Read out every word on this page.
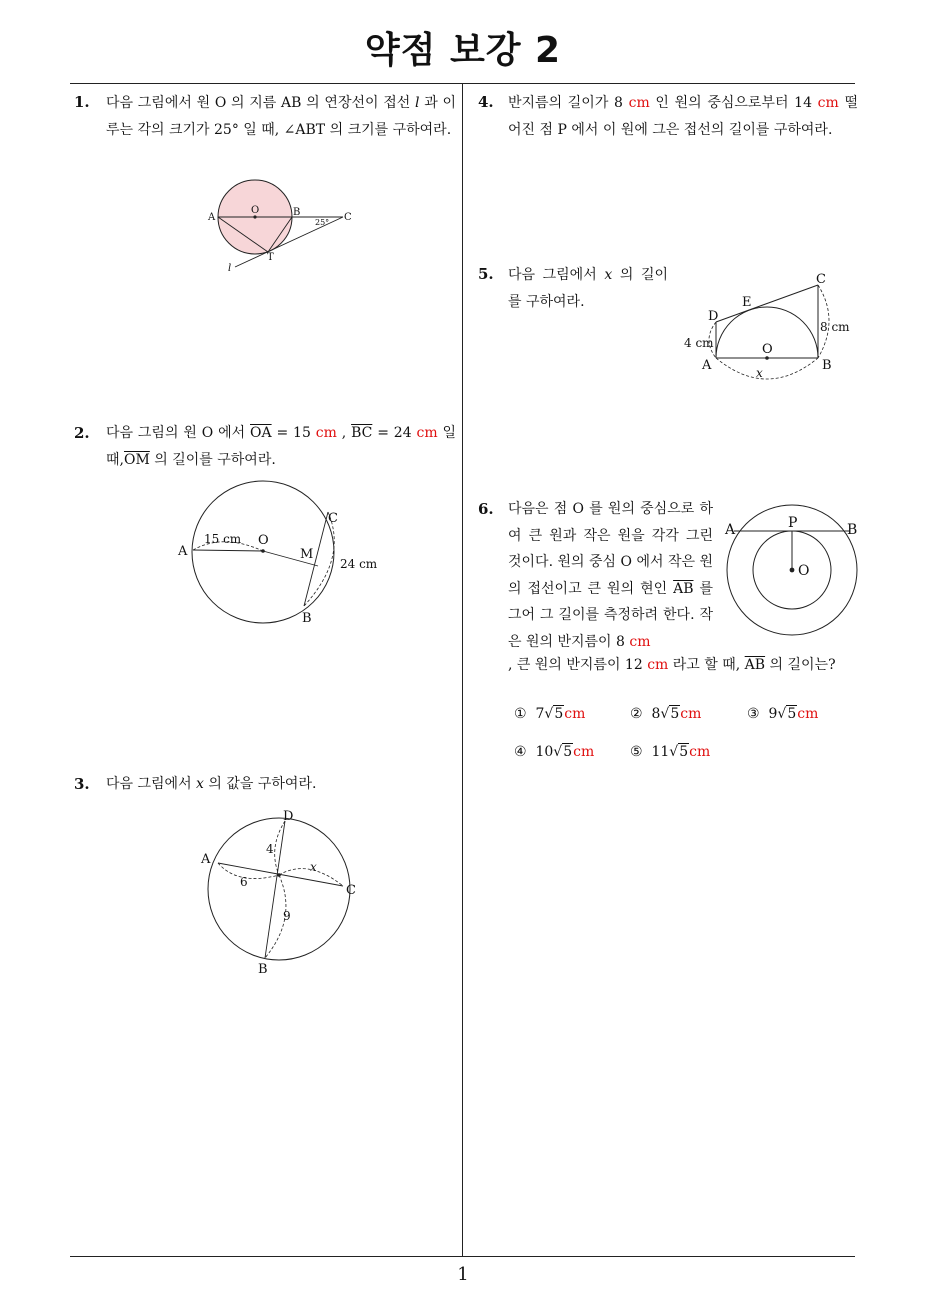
약점 보강 2
1. 다음 그림에서 원 O 의 지름 AB 의 연장선이 접선 l 과 이루는 각의 크기가 25° 일 때, ∠ABT 의 크기를 구하여라.
A
O	B	C
T
l
25°
2. 다음 그림의 원 O 에서 $\overline{OA} = 15$ cm , $\overline{BC} = 24$ cm 일 때$,\overline{OM}$ 의 길이를 구하여라.
A
O
C
M
B
15 cm
24 cm
3. 다음 그림에서 x 의 값을 구하여라.
A
D
C
B
4
6
9
x
4. 반지름의 길이가 8 cm 인 원의 중심으로부터 14 cm 떨어진 점 P 에서 이 원에 그은 접선의 길이를 구하여라.
5. 다음 그림에서 x 의 길이를 구하여라.
C
E
D
O
A	B
4 cm
8 cm
x
6. 다음은 점 O 를 원의 중심으로 하여 큰 원과 작은 원을 각각 그린 것이다. 원의 중심 O 에서 작은 원의 접선이고 큰 원의 현인 $\overline{AB}$ 를 그어 그 길이를 측정하려 한다. 작은 원의 반지름이 8 cm
, 큰 원의 반지름이 12 cm 라고 할 때, $\overline{AB}$ 의 길이는?
A	P	B
O
① 7√5cm	② 8√5cm	③ 9√5cm
④ 10√5cm	⑤ 11√5cm
1
